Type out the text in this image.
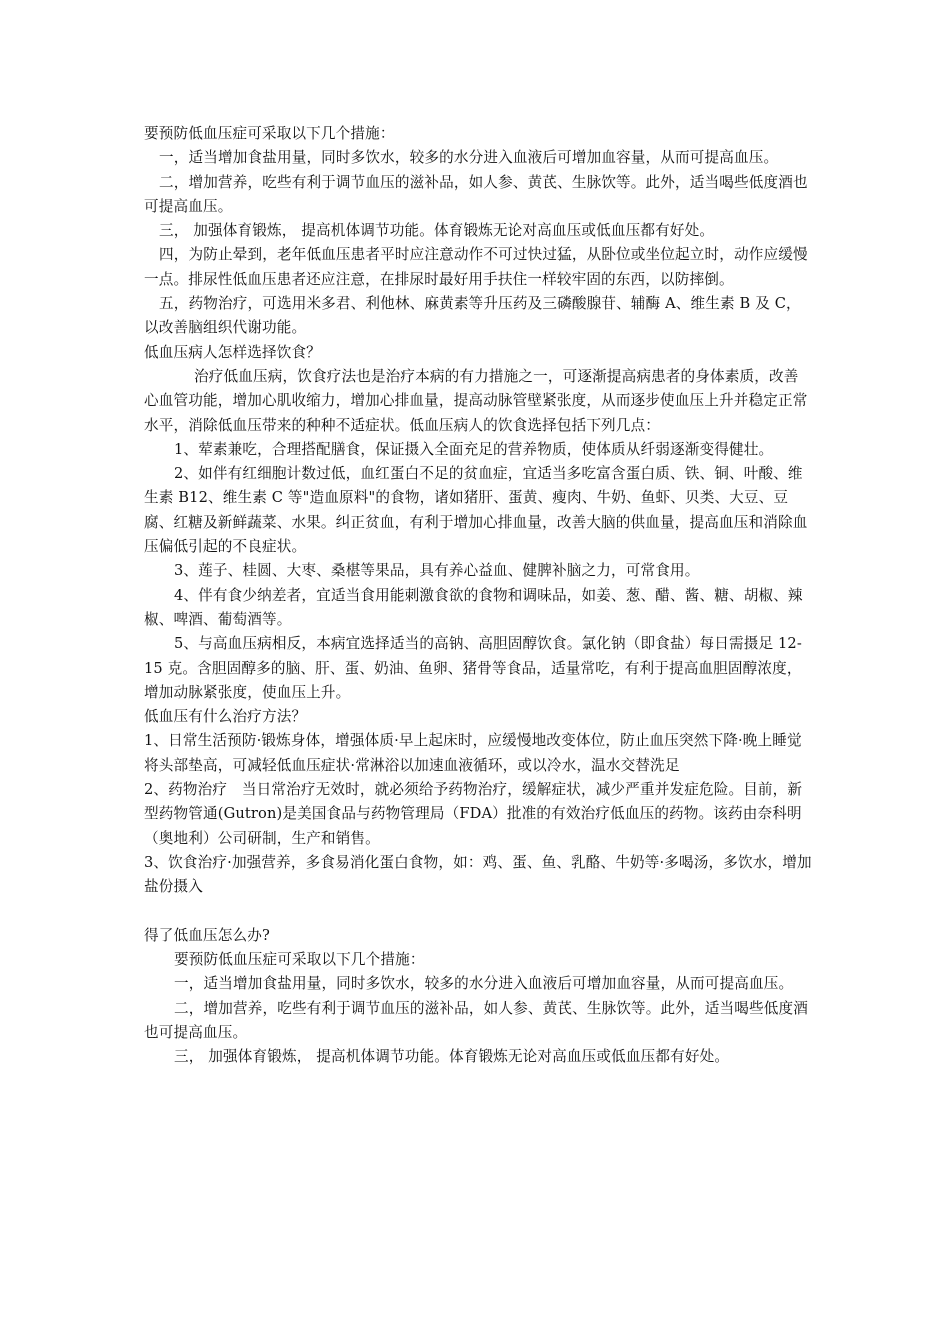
要预防低血压症可采取以下几个措施：

一，适当增加食盐用量，同时多饮水，较多的水分进入血液后可增加血容量，从而可提高血压。

二，增加营养，吃些有利于调节血压的滋补品，如人参、黄芪、生脉饮等。此外，适当喝些低度酒也可提高血压。

三， 加强体育锻炼， 提高机体调节功能。体育锻炼无论对高血压或低血压都有好处。

四，为防止晕到，老年低血压患者平时应注意动作不可过快过猛，从卧位或坐位起立时，动作应缓慢一点。排尿性低血压患者还应注意，在排尿时最好用手扶住一样较牢固的东西，以防摔倒。

五，药物治疗，可选用米多君、利他林、麻黄素等升压药及三磷酸腺苷、辅酶 A、维生素 B 及 C，以改善脑组织代谢功能。

低血压病人怎样选择饮食？

治疗低血压病，饮食疗法也是治疗本病的有力措施之一，可逐渐提高病患者的身体素质，改善心血管功能，增加心肌收缩力，增加心排血量，提高动脉管壁紧张度，从而逐步使血压上升并稳定正常水平，消除低血压带来的种种不适症状。低血压病人的饮食选择包括下列几点：

1、荤素兼吃，合理搭配膳食，保证摄入全面充足的营养物质，使体质从纤弱逐渐变得健壮。

2、如伴有红细胞计数过低，血红蛋白不足的贫血症，宜适当多吃富含蛋白质、铁、铜、叶酸、维生素 B12、维生素 C 等"造血原料"的食物，诸如猪肝、蛋黄、瘦肉、牛奶、鱼虾、贝类、大豆、豆腐、红糖及新鲜蔬菜、水果。纠正贫血，有利于增加心排血量，改善大脑的供血量，提高血压和消除血压偏低引起的不良症状。

3、莲子、桂圆、大枣、桑椹等果品，具有养心益血、健脾补脑之力，可常食用。

4、伴有食少纳差者，宜适当食用能刺激食欲的食物和调味品，如姜、葱、醋、酱、糖、胡椒、辣椒、啤酒、葡萄酒等。

5、与高血压病相反，本病宜选择适当的高钠、高胆固醇饮食。氯化钠（即食盐）每日需摄足 12-15 克。含胆固醇多的脑、肝、蛋、奶油、鱼卵、猪骨等食品，适量常吃，有利于提高血胆固醇浓度，增加动脉紧张度，使血压上升。

低血压有什么治疗方法？

1、日常生活预防·锻炼身体，增强体质·早上起床时，应缓慢地改变体位，防止血压突然下降·晚上睡觉将头部垫高，可减轻低血压症状·常淋浴以加速血液循环，或以冷水，温水交替洗足

2、药物治疗　当日常治疗无效时，就必须给予药物治疗，缓解症状，减少严重并发症危险。目前，新型药物管通(Gutron)是美国食品与药物管理局（FDA）批准的有效治疗低血压的药物。该药由奈科明（奥地利）公司研制，生产和销售。

3、饮食治疗·加强营养，多食易消化蛋白食物，如：鸡、蛋、鱼、乳酪、牛奶等·多喝汤，多饮水，增加盐份摄入

得了低血压怎么办?

要预防低血压症可采取以下几个措施：

一，适当增加食盐用量，同时多饮水，较多的水分进入血液后可增加血容量，从而可提高血压。

二，增加营养，吃些有利于调节血压的滋补品，如人参、黄芪、生脉饮等。此外，适当喝些低度酒也可提高血压。

三， 加强体育锻炼， 提高机体调节功能。体育锻炼无论对高血压或低血压都有好处。
